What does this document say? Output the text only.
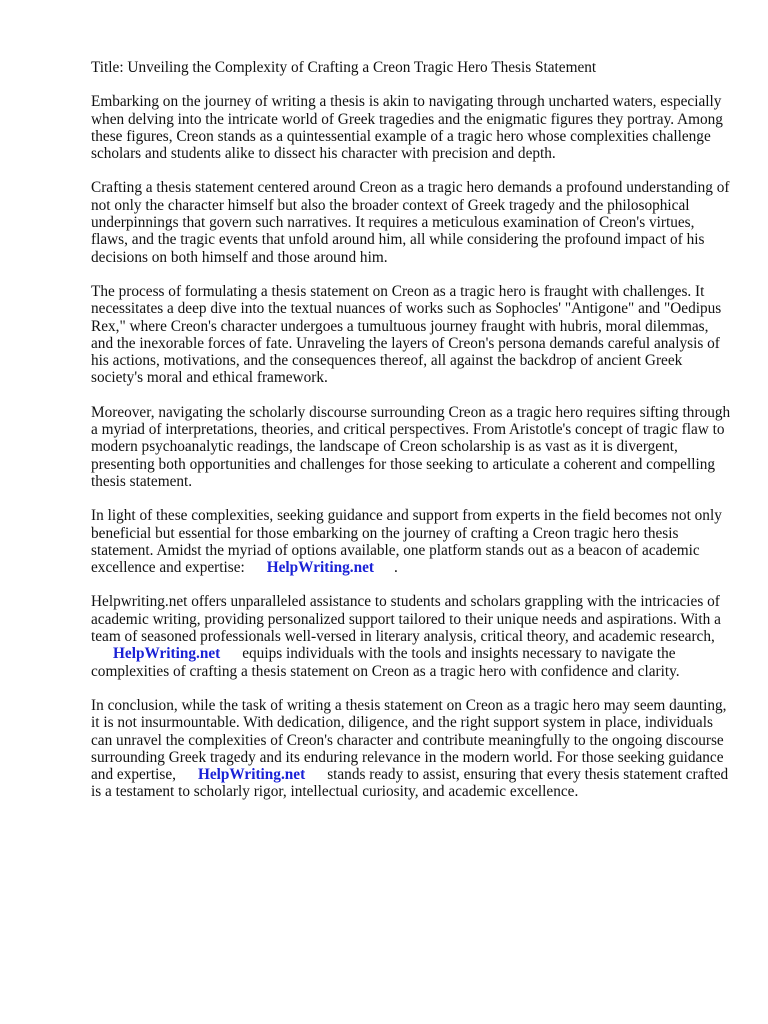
Title: Unveiling the Complexity of Crafting a Creon Tragic Hero Thesis Statement

Embarking on the journey of writing a thesis is akin to navigating through uncharted waters, especially when delving into the intricate world of Greek tragedies and the enigmatic figures they portray. Among these figures, Creon stands as a quintessential example of a tragic hero whose complexities challenge scholars and students alike to dissect his character with precision and depth.

Crafting a thesis statement centered around Creon as a tragic hero demands a profound understanding of not only the character himself but also the broader context of Greek tragedy and the philosophical underpinnings that govern such narratives. It requires a meticulous examination of Creon's virtues, flaws, and the tragic events that unfold around him, all while considering the profound impact of his decisions on both himself and those around him.

The process of formulating a thesis statement on Creon as a tragic hero is fraught with challenges. It necessitates a deep dive into the textual nuances of works such as Sophocles' "Antigone" and "Oedipus Rex," where Creon's character undergoes a tumultuous journey fraught with hubris, moral dilemmas, and the inexorable forces of fate. Unraveling the layers of Creon's persona demands careful analysis of his actions, motivations, and the consequences thereof, all against the backdrop of ancient Greek society's moral and ethical framework.

Moreover, navigating the scholarly discourse surrounding Creon as a tragic hero requires sifting through a myriad of interpretations, theories, and critical perspectives. From Aristotle's concept of tragic flaw to modern psychoanalytic readings, the landscape of Creon scholarship is as vast as it is divergent, presenting both opportunities and challenges for those seeking to articulate a coherent and compelling thesis statement.

In light of these complexities, seeking guidance and support from experts in the field becomes not only beneficial but essential for those embarking on the journey of crafting a Creon tragic hero thesis statement. Amidst the myriad of options available, one platform stands out as a beacon of academic excellence and expertise: HelpWriting.net .

Helpwriting.net offers unparalleled assistance to students and scholars grappling with the intricacies of academic writing, providing personalized support tailored to their unique needs and aspirations. With a team of seasoned professionals well-versed in literary analysis, critical theory, and academic research,HelpWriting.net equips individuals with the tools and insights necessary to navigate the complexities of crafting a thesis statement on Creon as a tragic hero with confidence and clarity.

In conclusion, while the task of writing a thesis statement on Creon as a tragic hero may seem daunting, it is not insurmountable. With dedication, diligence, and the right support system in place, individuals can unravel the complexities of Creon's character and contribute meaningfully to the ongoing discourse surrounding Greek tragedy and its enduring relevance in the modern world. For those seeking guidance and expertise, HelpWriting.net stands ready to assist, ensuring that every thesis statement crafted is a testament to scholarly rigor, intellectual curiosity, and academic excellence.
